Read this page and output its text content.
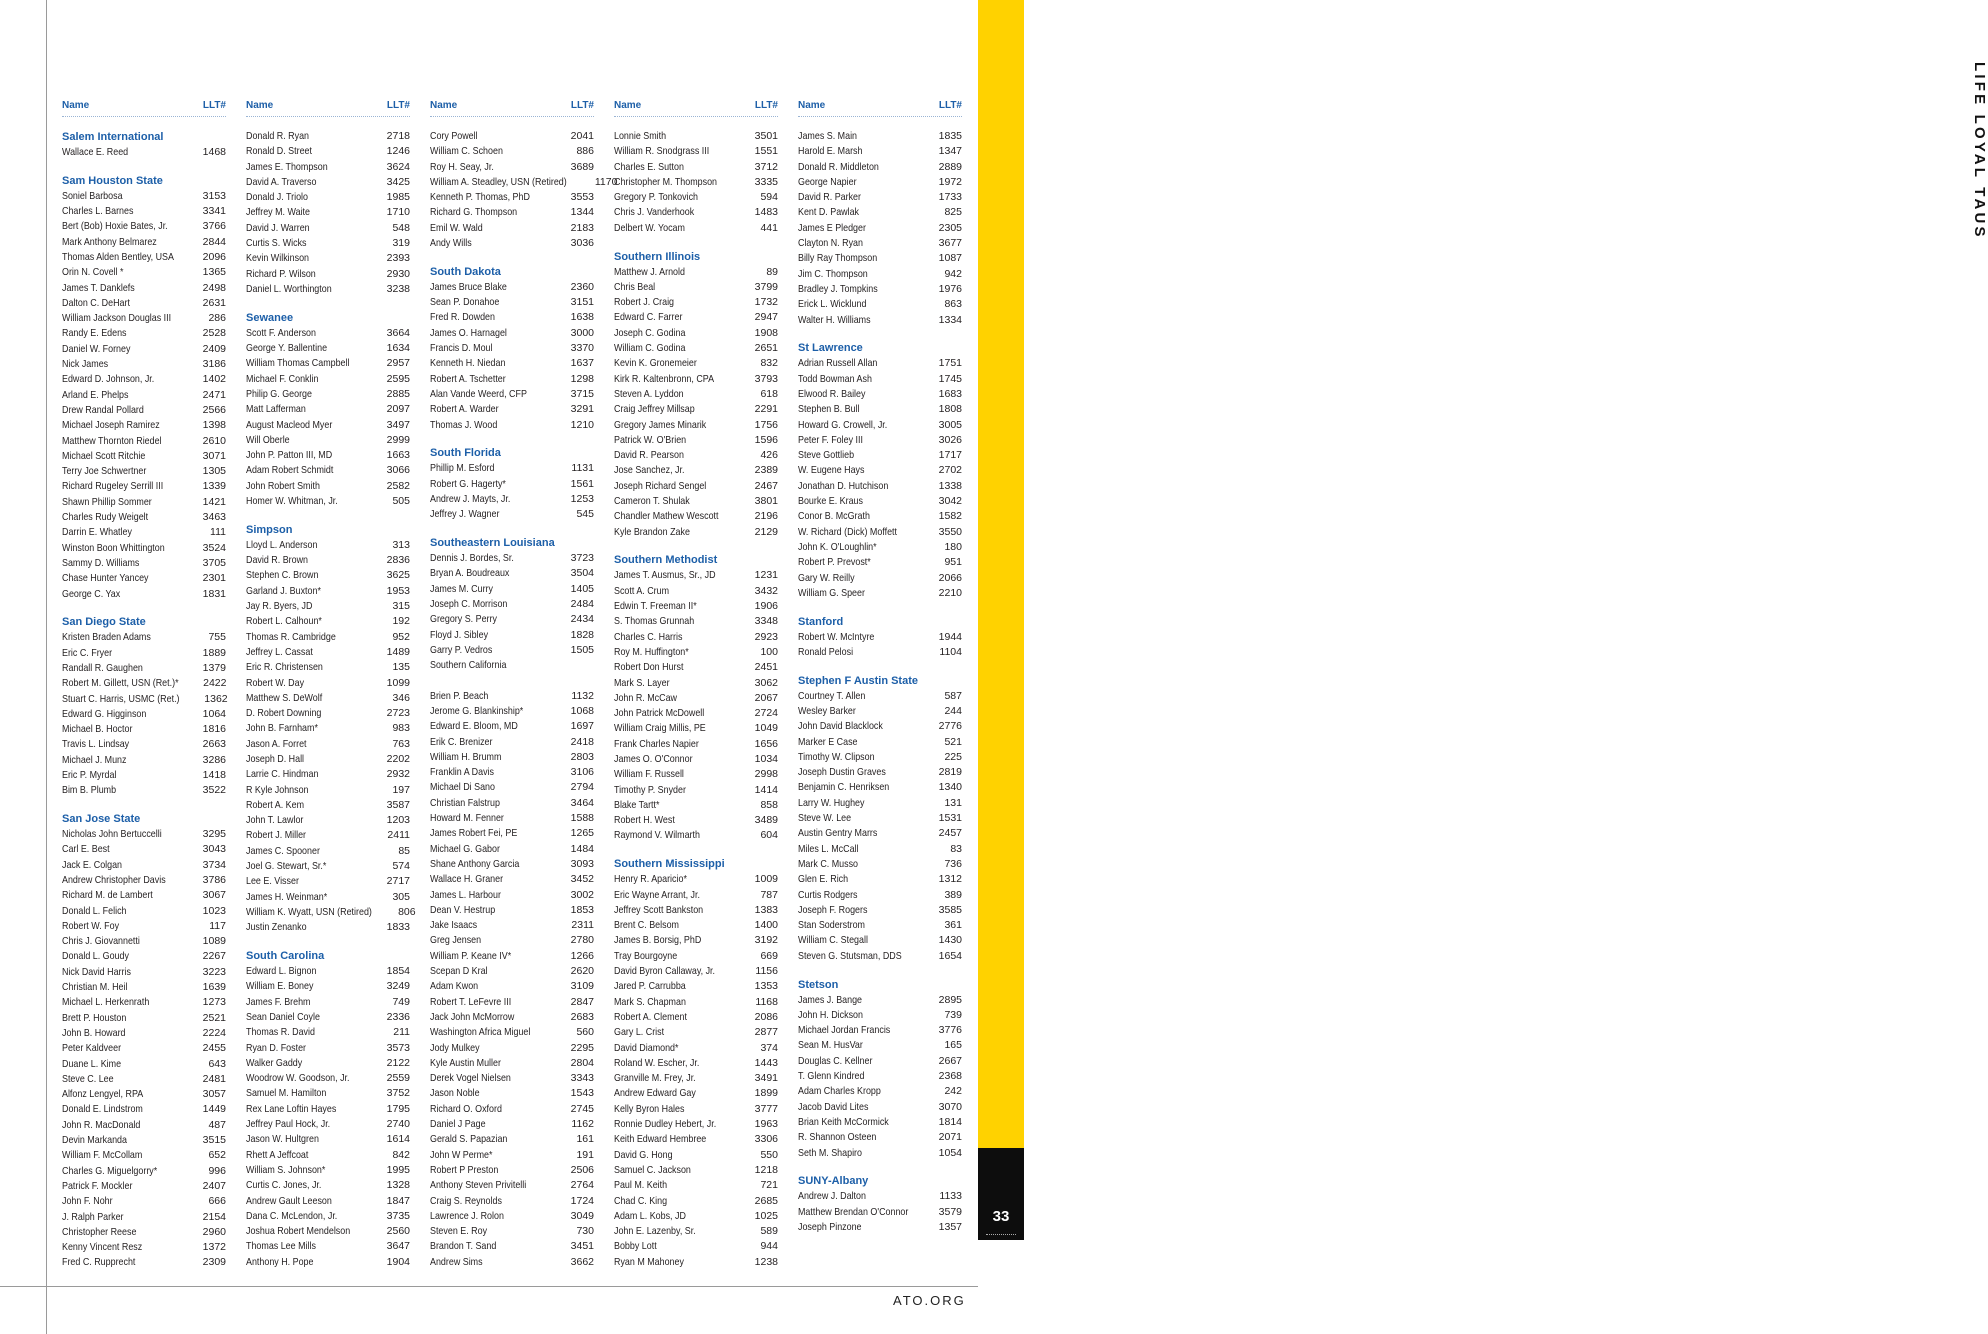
LIFE LOYAL TAUS
33
ATO.ORG
Name	LLT#
Salem International
Wallace E. Reed	1468
Sam Houston State
Soniel Barbosa	3153
Charles L. Barnes	3341
Bert (Bob) Hoxie Bates, Jr.	3766
Mark Anthony Belmarez	2844
Thomas Alden Bentley, USA	2096
Orin N. Covell *	1365
James T. Danklefs	2498
Dalton C. DeHart	2631
William Jackson Douglas III	286
Randy E. Edens	2528
Daniel W. Forney	2409
Nick James	3186
Edward D. Johnson, Jr.	1402
Arland E. Phelps	2471
Drew Randal Pollard	2566
Michael Joseph Ramirez	1398
Matthew Thornton Riedel	2610
Michael Scott Ritchie	3071
Terry Joe Schwertner	1305
Richard Rugeley Serrill III	1339
Shawn Phillip Sommer	1421
Charles Rudy Weigelt	3463
Darrin E. Whatley	111
Winston Boon Whittington	3524
Sammy D. Williams	3705
Chase Hunter Yancey	2301
George C. Yax	1831
San Diego State
Kristen Braden Adams	755
Eric C. Fryer	1889
Randall R. Gaughen	1379
Robert M. Gillett, USN (Ret.)*	2422
Stuart C. Harris, USMC (Ret.)	1362
Edward G. Higginson	1064
Michael B. Hoctor	1816
Travis L. Lindsay	2663
Michael J. Munz	3286
Eric P. Myrdal	1418
Bim B. Plumb	3522
San Jose State
Nicholas John Bertuccelli	3295
Carl E. Best	3043
Jack E. Colgan	3734
Andrew Christopher Davis	3786
Richard M. de Lambert	3067
Donald L. Felich	1023
Robert W. Foy	117
Chris J. Giovannetti	1089
Donald L. Goudy	2267
Nick David Harris	3223
Christian M. Heil	1639
Michael L. Herkenrath	1273
Brett P. Houston	2521
John B. Howard	2224
Peter Kaldveer	2455
Duane L. Kime	643
Steve C. Lee	2481
Alfonz Lengyel, RPA	3057
Donald E. Lindstrom	1449
John R. MacDonald	487
Devin Markanda	3515
William F. McCollam	652
Charles G. Miguelgorry*	996
Patrick F. Mockler	2407
John F. Nohr	666
J. Ralph Parker	2154
Christopher Reese	2960
Kenny Vincent Resz	1372
Fred C. Rupprecht	2309
Name	LLT#
Donald R. Ryan	2718
Ronald D. Street	1246
James E. Thompson	3624
David A. Traverso	3425
Donald J. Triolo	1985
Jeffrey M. Waite	1710
David J. Warren	548
Curtis S. Wicks	319
Kevin Wilkinson	2393
Richard P. Wilson	2930
Daniel L. Worthington	3238
Sewanee
Scott F. Anderson	3664
George Y. Ballentine	1634
William Thomas Campbell	2957
Michael F. Conklin	2595
Philip G. George	2885
Matt Lafferman	2097
August Macleod Myer	3497
Will Oberle	2999
John P. Patton III, MD	1663
Adam Robert Schmidt	3066
John Robert Smith	2582
Homer W. Whitman, Jr.	505
Simpson
Lloyd L. Anderson	313
David R. Brown	2836
Stephen C. Brown	3625
Garland J. Buxton*	1953
Jay R. Byers, JD	315
Robert L. Calhoun*	192
Thomas R. Cambridge	952
Jeffrey L. Cassat	1489
Eric R. Christensen	135
Robert W. Day	1099
Matthew S. DeWolf	346
D. Robert Downing	2723
John B. Farnham*	983
Jason A. Forret	763
Joseph D. Hall	2202
Larrie C. Hindman	2932
R Kyle Johnson	197
Robert A. Kem	3587
John T. Lawlor	1203
Robert J. Miller	2411
James C. Spooner	85
Joel G. Stewart, Sr.*	574
Lee E. Visser	2717
James H. Weinman*	305
William K. Wyatt, USN (Retired)	806
Justin Zenanko	1833
South Carolina
Edward L. Bignon	1854
William E. Boney	3249
James F. Brehm	749
Sean Daniel Coyle	2336
Thomas R. David	211
Ryan D. Foster	3573
Walker Gaddy	2122
Woodrow W. Goodson, Jr.	2559
Samuel M. Hamilton	3752
Rex Lane Loftin Hayes	1795
Jeffrey Paul Hock, Jr.	2740
Jason W. Hultgren	1614
Rhett A Jeffcoat	842
William S. Johnson*	1995
Curtis C. Jones, Jr.	1328
Andrew Gault Leeson	1847
Dana C. McLendon, Jr.	3735
Joshua Robert Mendelson	2560
Thomas Lee Mills	3647
Anthony H. Pope	1904
Name	LLT#
Cory Powell	2041
William C. Schoen	886
Roy H. Seay, Jr.	3689
William A. Steadley, USN (Retired)	1170
Kenneth P. Thomas, PhD	3553
Richard G. Thompson	1344
Emil W. Wald	2183
Andy Wills	3036
South Dakota
James Bruce Blake	2360
Sean P. Donahoe	3151
Fred R. Dowden	1638
James O. Harnagel	3000
Francis D. Moul	3370
Kenneth H. Niedan	1637
Robert A. Tschetter	1298
Alan Vande Weerd, CFP	3715
Robert A. Warder	3291
Thomas J. Wood	1210
South Florida
Phillip M. Esford	1131
Robert G. Hagerty*	1561
Andrew J. Mayts, Jr.	1253
Jeffrey J. Wagner	545
Southeastern Louisiana
Dennis J. Bordes, Sr.	3723
Bryan A. Boudreaux	3504
James M. Curry	1405
Joseph C. Morrison	2484
Gregory S. Perry	2434
Floyd J. Sibley	1828
Garry P. Vedros	1505
Southern California
Brien P. Beach	1132
Jerome G. Blankinship*	1068
Edward E. Bloom, MD	1697
Erik C. Brenizer	2418
William H. Brumm	2803
Franklin A Davis	3106
Michael Di Sano	2794
Christian Falstrup	3464
Howard M. Fenner	1588
James Robert Fei, PE	1265
Michael G. Gabor	1484
Shane Anthony Garcia	3093
Wallace H. Graner	3452
James L. Harbour	3002
Dean V. Hestrup	1853
Jake Isaacs	2311
Greg Jensen	2780
William P. Keane IV*	1266
Scepan D Kral	2620
Adam Kwon	3109
Robert T. LeFevre III	2847
Jack John McMorrow	2683
Washington Africa Miguel	560
Jody Mulkey	2295
Kyle Austin Muller	2804
Derek Vogel Nielsen	3343
Jason Noble	1543
Richard O. Oxford	2745
Daniel J Page	1162
Gerald S. Papazian	161
John W Perme*	191
Robert P Preston	2506
Anthony Steven Privitelli	2764
Craig S. Reynolds	1724
Lawrence J. Rolon	3049
Steven E. Roy	730
Brandon T. Sand	3451
Andrew Sims	3662
Name	LLT#
Lonnie Smith	3501
William R. Snodgrass III	1551
Charles E. Sutton	3712
Christopher M. Thompson	3335
Gregory P. Tonkovich	594
Chris J. Vanderhook	1483
Delbert W. Yocam	441
Southern Illinois
Matthew J. Arnold	89
Chris Beal	3799
Robert J. Craig	1732
Edward C. Farrer	2947
Joseph C. Godina	1908
William C. Godina	2651
Kevin K. Gronemeier	832
Kirk R. Kaltenbronn, CPA	3793
Steven A. Lyddon	618
Craig Jeffrey Millsap	2291
Gregory James Minarik	1756
Patrick W. O'Brien	1596
David R. Pearson	426
Jose Sanchez, Jr.	2389
Joseph Richard Sengel	2467
Cameron T. Shulak	3801
Chandler Mathew Wescott	2196
Kyle Brandon Zake	2129
Southern Methodist
James T. Ausmus, Sr., JD	1231
Scott A. Crum	3432
Edwin T. Freeman II*	1906
S. Thomas Grunnah	3348
Charles C. Harris	2923
Roy M. Huffington*	100
Robert Don Hurst	2451
Mark S. Layer	3062
John R. McCaw	2067
John Patrick McDowell	2724
William Craig Millis, PE	1049
Frank Charles Napier	1656
James O. O'Connor	1034
William F. Russell	2998
Timothy P. Snyder	1414
Blake Tartt*	858
Robert H. West	3489
Raymond V. Wilmarth	604
Southern Mississippi
Henry R. Aparicio*	1009
Eric Wayne Arrant, Jr.	787
Jeffrey Scott Bankston	1383
Brent C. Belsom	1400
James B. Borsig, PhD	3192
Tray Bourgoyne	669
David Byron Callaway, Jr.	1156
Jared P. Carrubba	1353
Mark S. Chapman	1168
Robert A. Clement	2086
Gary L. Crist	2877
David Diamond*	374
Roland W. Escher, Jr.	1443
Granville M. Frey, Jr.	3491
Andrew Edward Gay	1899
Kelly Byron Hales	3777
Ronnie Dudley Hebert, Jr.	1963
Keith Edward Hembree	3306
David G. Hong	550
Samuel C. Jackson	1218
Paul M. Keith	721
Chad C. King	2685
Adam L. Kobs, JD	1025
John E. Lazenby, Sr.	589
Bobby Lott	944
Ryan M Mahoney	1238
Name	LLT#
James S. Main	1835
Harold E. Marsh	1347
Donald R. Middleton	2889
George Napier	1972
David R. Parker	1733
Kent D. Pawlak	825
James E Pledger	2305
Clayton N. Ryan	3677
Billy Ray Thompson	1087
Jim C. Thompson	942
Bradley J. Tompkins	1976
Erick L. Wicklund	863
Walter H. Williams	1334
St Lawrence
Adrian Russell Allan	1751
Todd Bowman Ash	1745
Elwood R. Bailey	1683
Stephen B. Bull	1808
Howard G. Crowell, Jr.	3005
Peter F. Foley III	3026
Steve Gottlieb	1717
W. Eugene Hays	2702
Jonathan D. Hutchison	1338
Bourke E. Kraus	3042
Conor B. McGrath	1582
W. Richard (Dick) Moffett	3550
John K. O'Loughlin*	180
Robert P. Prevost*	951
Gary W. Reilly	2066
William G. Speer	2210
Stanford
Robert W. McIntyre	1944
Ronald Pelosi	1104
Stephen F Austin State
Courtney T. Allen	587
Wesley Barker	244
John David Blacklock	2776
Marker E Case	521
Timothy W. Clipson	225
Joseph Dustin Graves	2819
Benjamin C. Henriksen	1340
Larry W. Hughey	131
Steve W. Lee	1531
Austin Gentry Marrs	2457
Miles L. McCall	83
Mark C. Musso	736
Glen E. Rich	1312
Curtis Rodgers	389
Joseph F. Rogers	3585
Stan Soderstrom	361
William C. Stegall	1430
Steven G. Stutsman, DDS	1654
Stetson
James J. Bange	2895
John H. Dickson	739
Michael Jordan Francis	3776
Sean M. HusVar	165
Douglas C. Kellner	2667
T. Glenn Kindred	2368
Adam Charles Kropp	242
Jacob David Lites	3070
Brian Keith McCormick	1814
R. Shannon Osteen	2071
Seth M. Shapiro	1054
SUNY-Albany
Andrew J. Dalton	1133
Matthew Brendan O'Connor	3579
Joseph Pinzone	1357
